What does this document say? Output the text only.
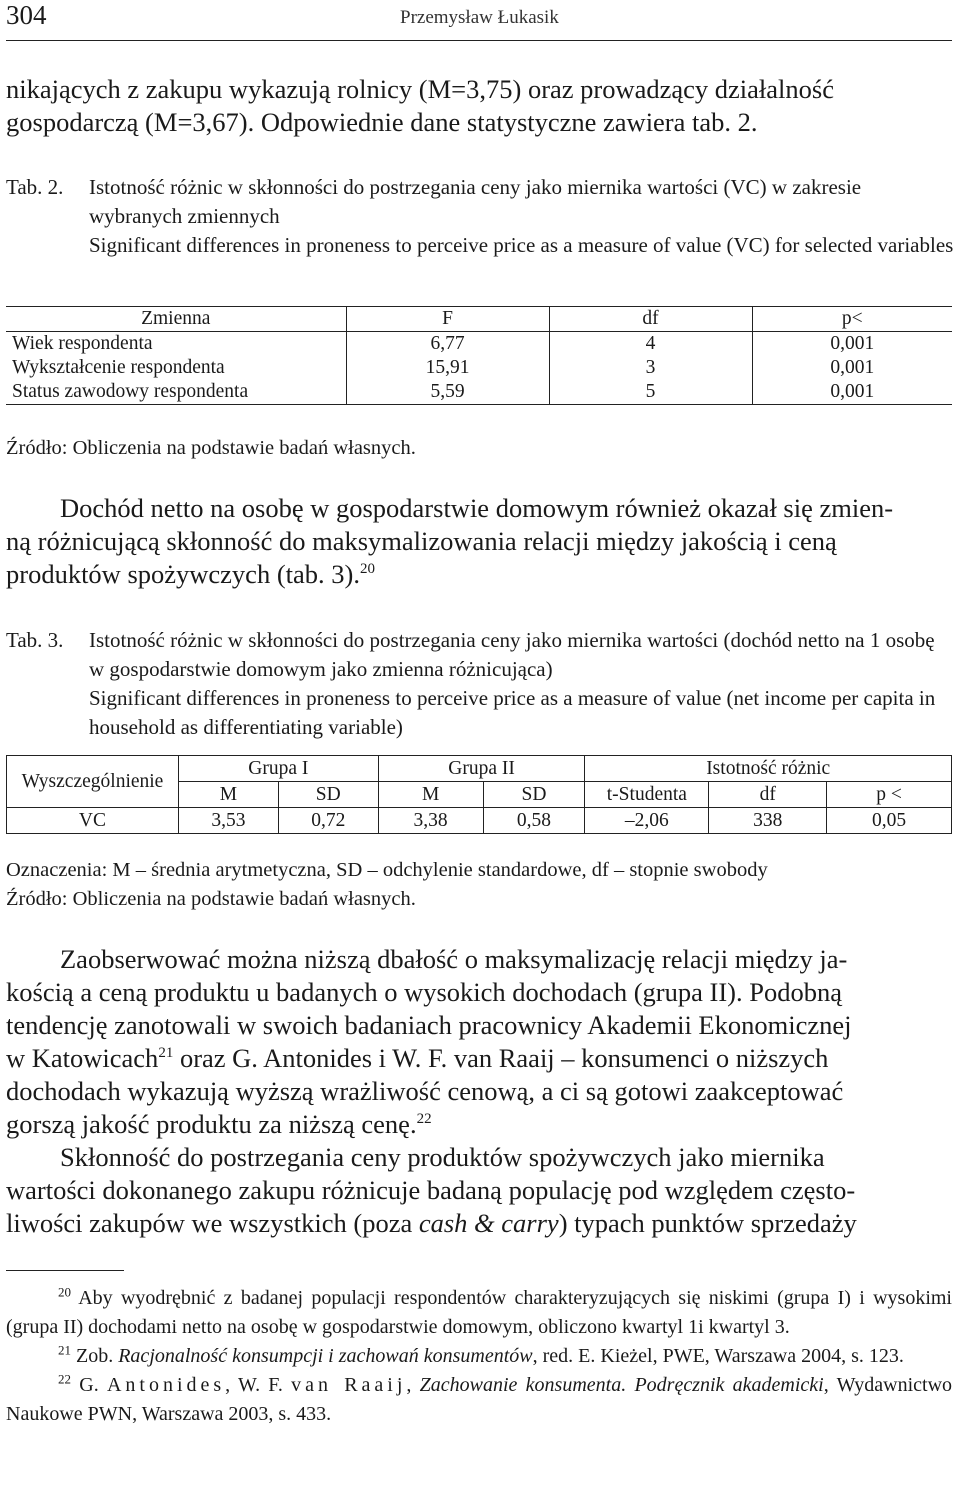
304	Przemysław Łukasik

nikających z zakupu wykazują rolnicy (M=3,75) oraz prowadzący działalność

gospodarczą (M=3,67). Odpowiednie dane statystyczne zawiera tab. 2.

Tab. 2.	Istotność różnic w skłonności do postrzegania ceny jako miernika wartości (VC) w zakresie wybranych zmiennych
Significant differences in proneness to perceive price as a measure of value (VC) for selected variables
Zmienna	F	df	p<
Wiek respondenta	6,77	4	0,001
Wykształcenie respondenta	15,91	3	0,001
Status zawodowy respondenta	5,59	5	0,001
Źródło: Obliczenia na podstawie badań własnych.

Dochód netto na osobę w gospodarstwie domowym również okazał się zmien-

ną różnicującą skłonność do maksymalizowania relacji między jakością i ceną

produktów spożywczych (tab. 3).$^{20}$

Tab. 3.	Istotność różnic w skłonności do postrzegania ceny jako miernika wartości (dochód netto na 1 osobę w gospodarstwie domowym jako zmienna różnicująca)
Significant differences in proneness to perceive price as a measure of value (net income per capita in household as differentiating variable)
Wyszczególnienie	Grupa I		Grupa II		Istotność różnic		
	M	SD	M	SD	t-Studenta	df	p <
VC	3,53	0,72	3,38	0,58	–2,06	338	0,05
Oznaczenia: M – średnia arytmetyczna, SD – odchylenie standardowe, df – stopnie swobody
Źródło: Obliczenia na podstawie badań własnych.

Zaobserwować można niższą dbałość o maksymalizację relacji między ja-

kością a ceną produktu u badanych o wysokich dochodach (grupa II). Podobną

tendencję zanotowali w swoich badaniach pracownicy Akademii Ekonomicznej

w Katowicach$^{21}$ oraz G. Antonides i W. F. van Raaij – konsumenci o niższych

dochodach wykazują wyższą wrażliwość cenową, a ci są gotowi zaakceptować

gorszą jakość produktu za niższą cenę.$^{22}$

Skłonność do postrzegania ceny produktów spożywczych jako miernika

wartości dokonanego zakupu różnicuje badaną populację pod względem często-

liwości zakupów we wszystkich (poza cash & carry) typach punktów sprzedaży

$^{20}$ Aby wyodrębnić z badanej populacji respondentów charakteryzujących się niskimi (grupa I) i wysokimi (grupa II) dochodami netto na osobę w gospodarstwie domowym, obliczono kwartyl 1i kwartyl 3.

$^{21}$ Zob. Racjonalność konsumpcji i zachowań konsumentów, red. E. Kieżel, PWE, Warszawa 2004, s. 123.

$^{22}$ G. Antonides, W. F. van Raaij, Zachowanie konsumenta. Podręcznik akademicki, Wydawnictwo Naukowe PWN, Warszawa 2003, s. 433.
